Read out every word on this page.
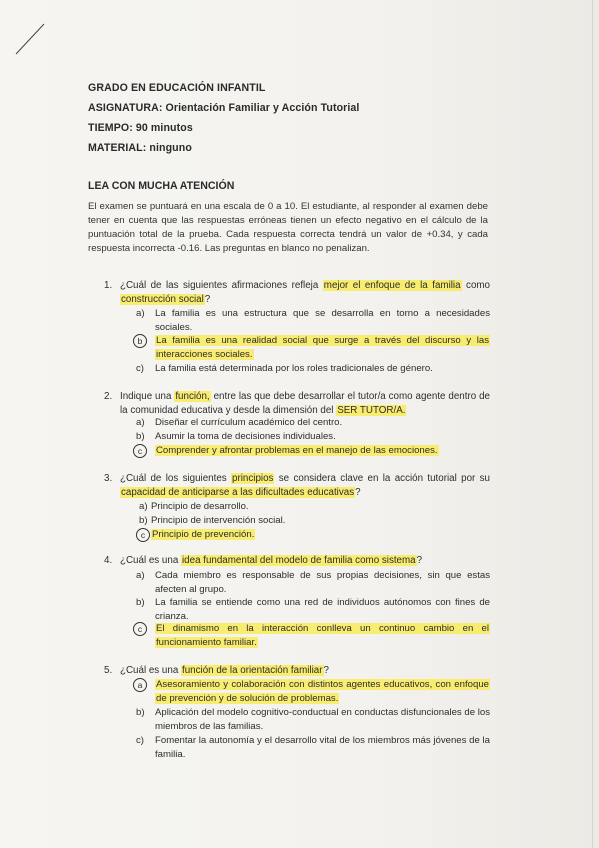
GRADO EN EDUCACIÓN INFANTIL
ASIGNATURA: Orientación Familiar y Acción Tutorial
TIEMPO: 90 minutos
MATERIAL: ninguno
LEA CON MUCHA ATENCIÓN
El examen se puntuará en una escala de 0 a 10. El estudiante, al responder al examen debe tener en cuenta que las respuestas erróneas tienen un efecto negativo en el cálculo de la puntuación total de la prueba. Cada respuesta correcta tendrá un valor de +0.34, y cada respuesta incorrecta -0.16. Las preguntas en blanco no penalizan.
1. ¿Cuál de las siguientes afirmaciones refleja mejor el enfoque de la familia como construcción social?
a) La familia es una estructura que se desarrolla en torno a necesidades sociales.
b	La familia es una realidad social que surge a través del discurso y las interacciones sociales.
c) La familia está determinada por los roles tradicionales de género.
2. Indique una función, entre las que debe desarrollar el tutor/a como agente dentro de la comunidad educativa y desde la dimensión del SER TUTOR/A.
a) Diseñar el currículum académico del centro.
b) Asumir la toma de decisiones individuales.
c	Comprender y afrontar problemas en el manejo de las emociones.
3. ¿Cuál de los siguientes principios se considera clave en la acción tutorial por su capacidad de anticiparse a las dificultades educativas?
a) Principio de desarrollo.
b) Principio de intervención social.
c Principio de prevención.
4. ¿Cuál es una idea fundamental del modelo de familia como sistema?
a) Cada miembro es responsable de sus propias decisiones, sin que estas afecten al grupo.
b) La familia se entiende como una red de individuos autónomos con fines de crianza.
c	El dinamismo en la interacción conlleva un continuo cambio en el funcionamiento familiar.
5. ¿Cuál es una función de la orientación familiar?
a	Asesoramiento y colaboración con distintos agentes educativos, con enfoque de prevención y de solución de problemas.
b) Aplicación del modelo cognitivo-conductual en conductas disfuncionales de los miembros de las familias.
c) Fomentar la autonomía y el desarrollo vital de los miembros más jóvenes de la familia.
